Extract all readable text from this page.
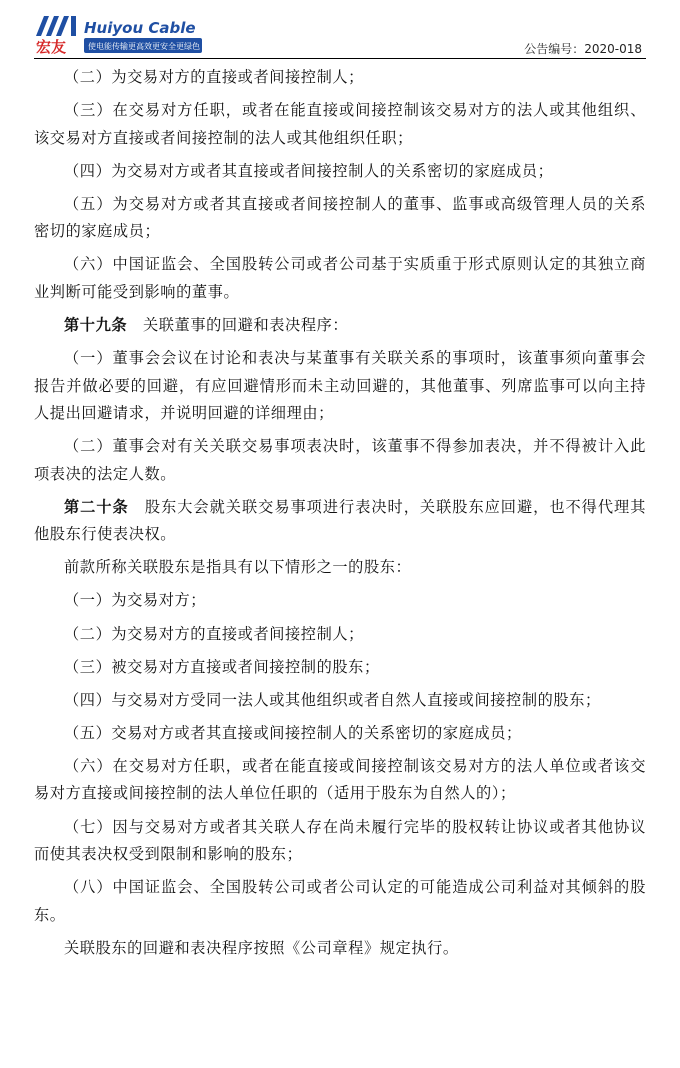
宏友
Huiyou Cable
使电能传输更高效更安全更绿色	公告编号：2020-018

（二）为交易对方的直接或者间接控制人；

（三）在交易对方任职，或者在能直接或间接控制该交易对方的法人或其他组织、该交易对方直接或者间接控制的法人或其他组织任职；

（四）为交易对方或者其直接或者间接控制人的关系密切的家庭成员；

（五）为交易对方或者其直接或者间接控制人的董事、监事或高级管理人员的关系密切的家庭成员；

（六）中国证监会、全国股转公司或者公司基于实质重于形式原则认定的其独立商业判断可能受到影响的董事。

第十九条　 关联董事的回避和表决程序：

（一）董事会会议在讨论和表决与某董事有关联关系的事项时，该董事须向董事会报告并做必要的回避，有应回避情形而未主动回避的，其他董事、列席监事可以向主持人提出回避请求，并说明回避的详细理由；

（二）董事会对有关关联交易事项表决时，该董事不得参加表决，并不得被计入此项表决的法定人数。

第二十条　 股东大会就关联交易事项进行表决时，关联股东应回避，也不得代理其他股东行使表决权。

前款所称关联股东是指具有以下情形之一的股东：

（一）为交易对方；

（二）为交易对方的直接或者间接控制人；

（三）被交易对方直接或者间接控制的股东；

（四）与交易对方受同一法人或其他组织或者自然人直接或间接控制的股东；

（五）交易对方或者其直接或间接控制人的关系密切的家庭成员；

（六）在交易对方任职，或者在能直接或间接控制该交易对方的法人单位或者该交易对方直接或间接控制的法人单位任职的（适用于股东为自然人的）；

（七）因与交易对方或者其关联人存在尚未履行完毕的股权转让协议或者其他协议而使其表决权受到限制和影响的股东；

（八）中国证监会、全国股转公司或者公司认定的可能造成公司利益对其倾斜的股东。

关联股东的回避和表决程序按照《公司章程》规定执行。
